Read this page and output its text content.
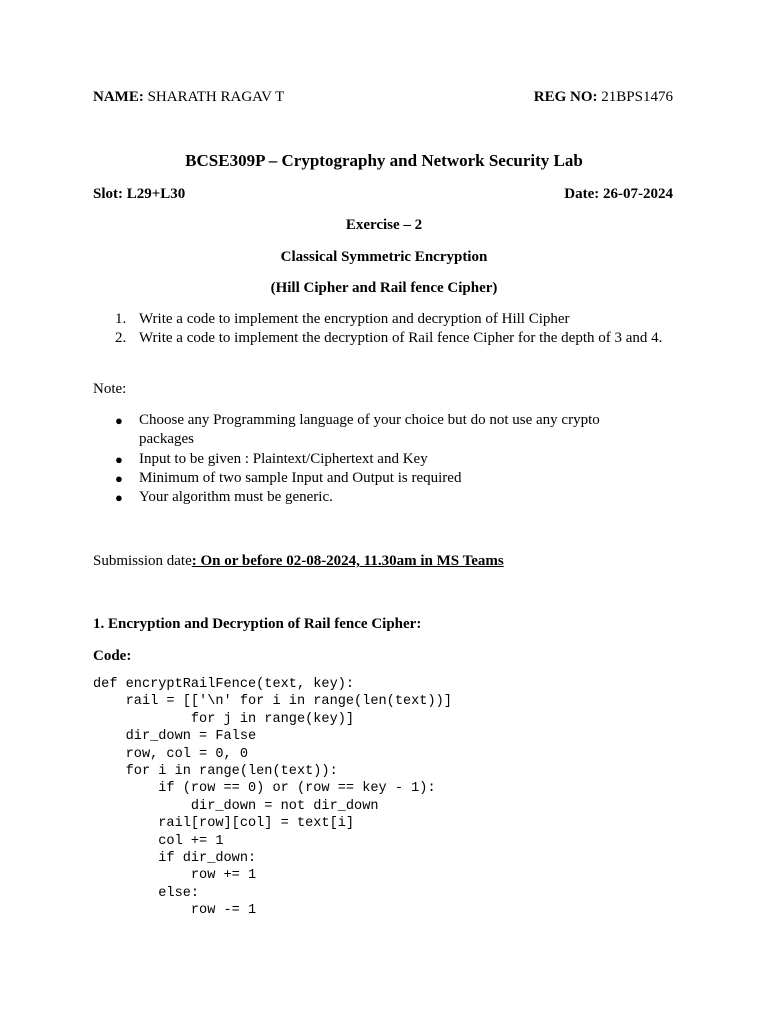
NAME: SHARATH RAGAV T	REG NO: 21BPS1476
BCSE309P – Cryptography and Network Security Lab
Slot: L29+L30	Date: 26-07-2024
Exercise – 2
Classical Symmetric Encryption
(Hill Cipher and Rail fence Cipher)
1. Write a code to implement the encryption and decryption of Hill Cipher
2. Write a code to implement the decryption of Rail fence Cipher for the depth of 3 and 4.
Note:
● Choose any Programming language of your choice but do not use any crypto packages
● Input to be given : Plaintext/Ciphertext and Key
● Minimum of two sample Input and Output is required
● Your algorithm must be generic.
Submission date: On or before 02-08-2024, 11.30am in MS Teams
1. Encryption and Decryption of Rail fence Cipher:
Code:
def encryptRailFence(text, key):
rail = [['\n' for i in range(len(text))]
for j in range(key)]
dir_down = False
row, col = 0, 0
for i in range(len(text)):
if (row == 0) or (row == key - 1):
dir_down = not dir_down
rail[row][col] = text[i]
col += 1
if dir_down:
row += 1
else:
row -= 1
